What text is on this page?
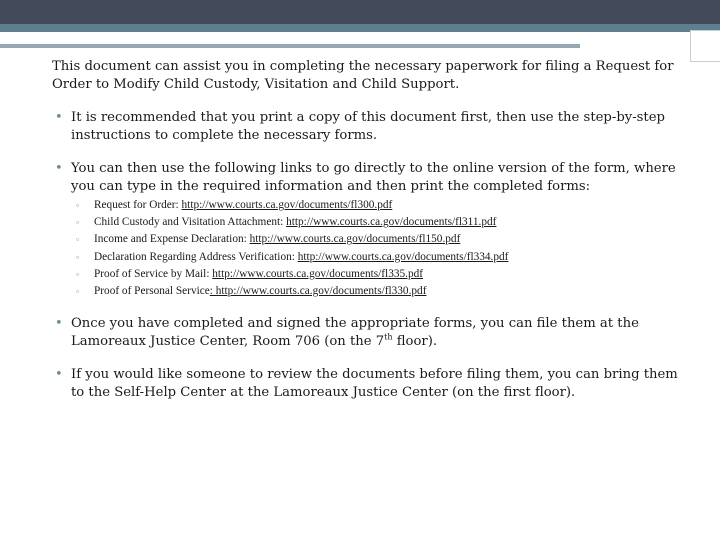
This document can assist you in completing the necessary paperwork for filing a Request for Order to Modify Child Custody, Visitation and Child Support.

• It is recommended that you print a copy of this document first, then use the step-by-step instructions to complete the necessary forms.
• You can then use the following links to go directly to the online version of the form, where you can type in the required information and then print the completed forms:
▫ Request for Order: http://www.courts.ca.gov/documents/fl300.pdf
▫ Child Custody and Visitation Attachment: http://www.courts.ca.gov/documents/fl311.pdf
▫ Income and Expense Declaration: http://www.courts.ca.gov/documents/fl150.pdf
▫ Declaration Regarding Address Verification: http://www.courts.ca.gov/documents/fl334.pdf
▫ Proof of Service by Mail: http://www.courts.ca.gov/documents/fl335.pdf
▫ Proof of Personal Service: http://www.courts.ca.gov/documents/fl330.pdf
• Once you have completed and signed the appropriate forms, you can file them at the Lamoreaux Justice Center, Room 706 (on the 7th floor).
• If you would like someone to review the documents before filing them, you can bring them to the Self-Help Center at the Lamoreaux Justice Center (on the first floor).
